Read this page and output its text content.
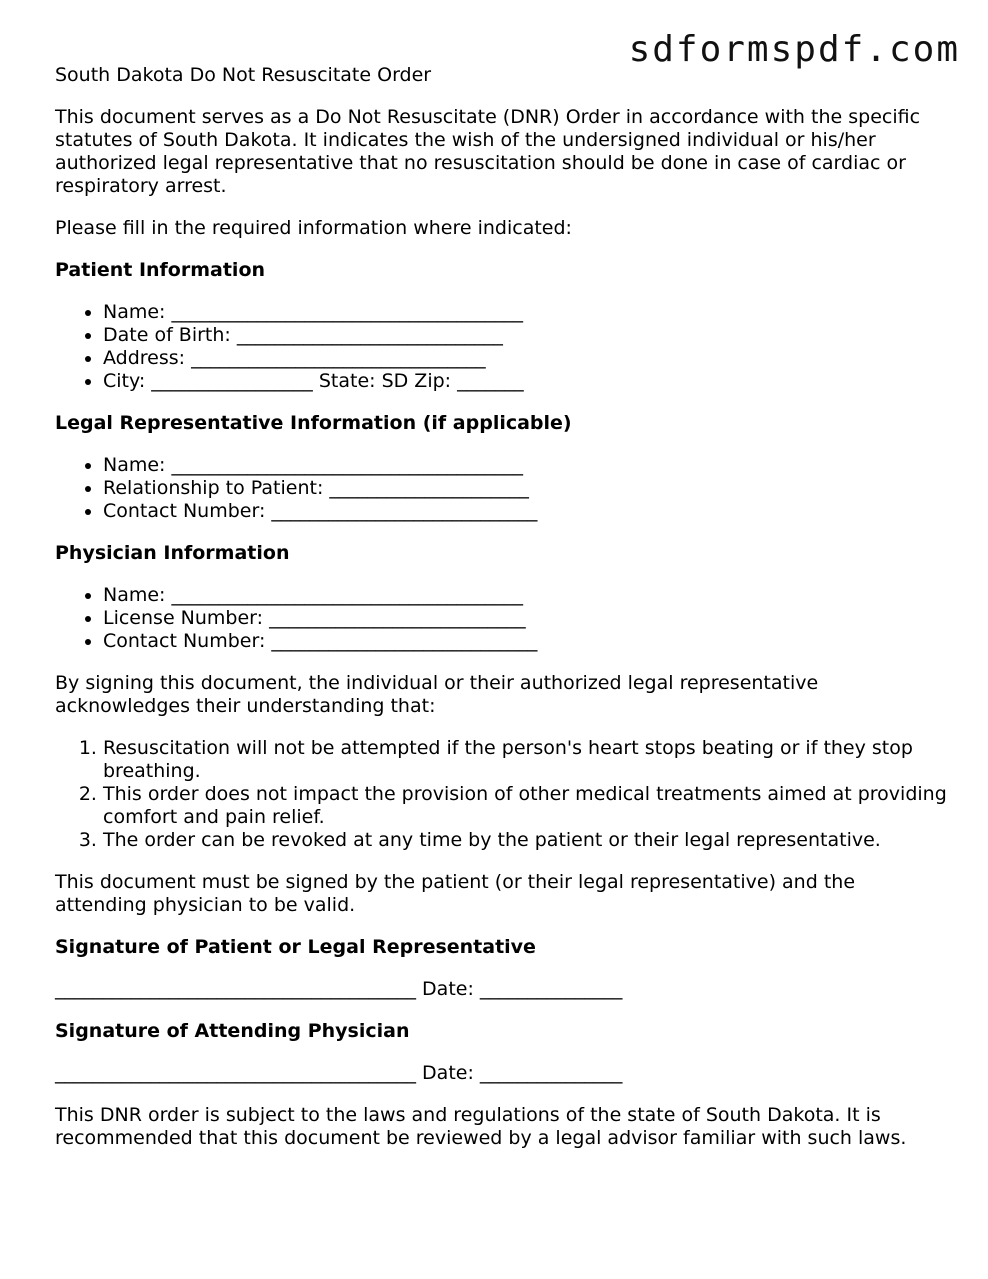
sdformspdf.com

South Dakota Do Not Resuscitate Order

This document serves as a Do Not Resuscitate (DNR) Order in accordance with the specific statutes of South Dakota. It indicates the wish of the undersigned individual or his/her authorized legal representative that no resuscitation should be done in case of cardiac or respiratory arrest.

Please fill in the required information where indicated:

Patient Information
• Name: _____________________________________
• Date of Birth: ____________________________
• Address: _______________________________
• City: _________________ State: SD Zip: _______
Legal Representative Information (if applicable)
• Name: _____________________________________
• Relationship to Patient: _____________________
• Contact Number: ____________________________
Physician Information
• Name: _____________________________________
• License Number: ___________________________
• Contact Number: ____________________________

By signing this document, the individual or their authorized legal representative acknowledges their understanding that:

1. Resuscitation will not be attempted if the person's heart stops beating or if they stop breathing.
2. This order does not impact the provision of other medical treatments aimed at providing comfort and pain relief.
3. The order can be revoked at any time by the patient or their legal representative.

This document must be signed by the patient (or their legal representative) and the attending physician to be valid.

Signature of Patient or Legal Representative

______________________________________ Date: _______________

Signature of Attending Physician

______________________________________ Date: _______________

This DNR order is subject to the laws and regulations of the state of South Dakota. It is recommended that this document be reviewed by a legal advisor familiar with such laws.
